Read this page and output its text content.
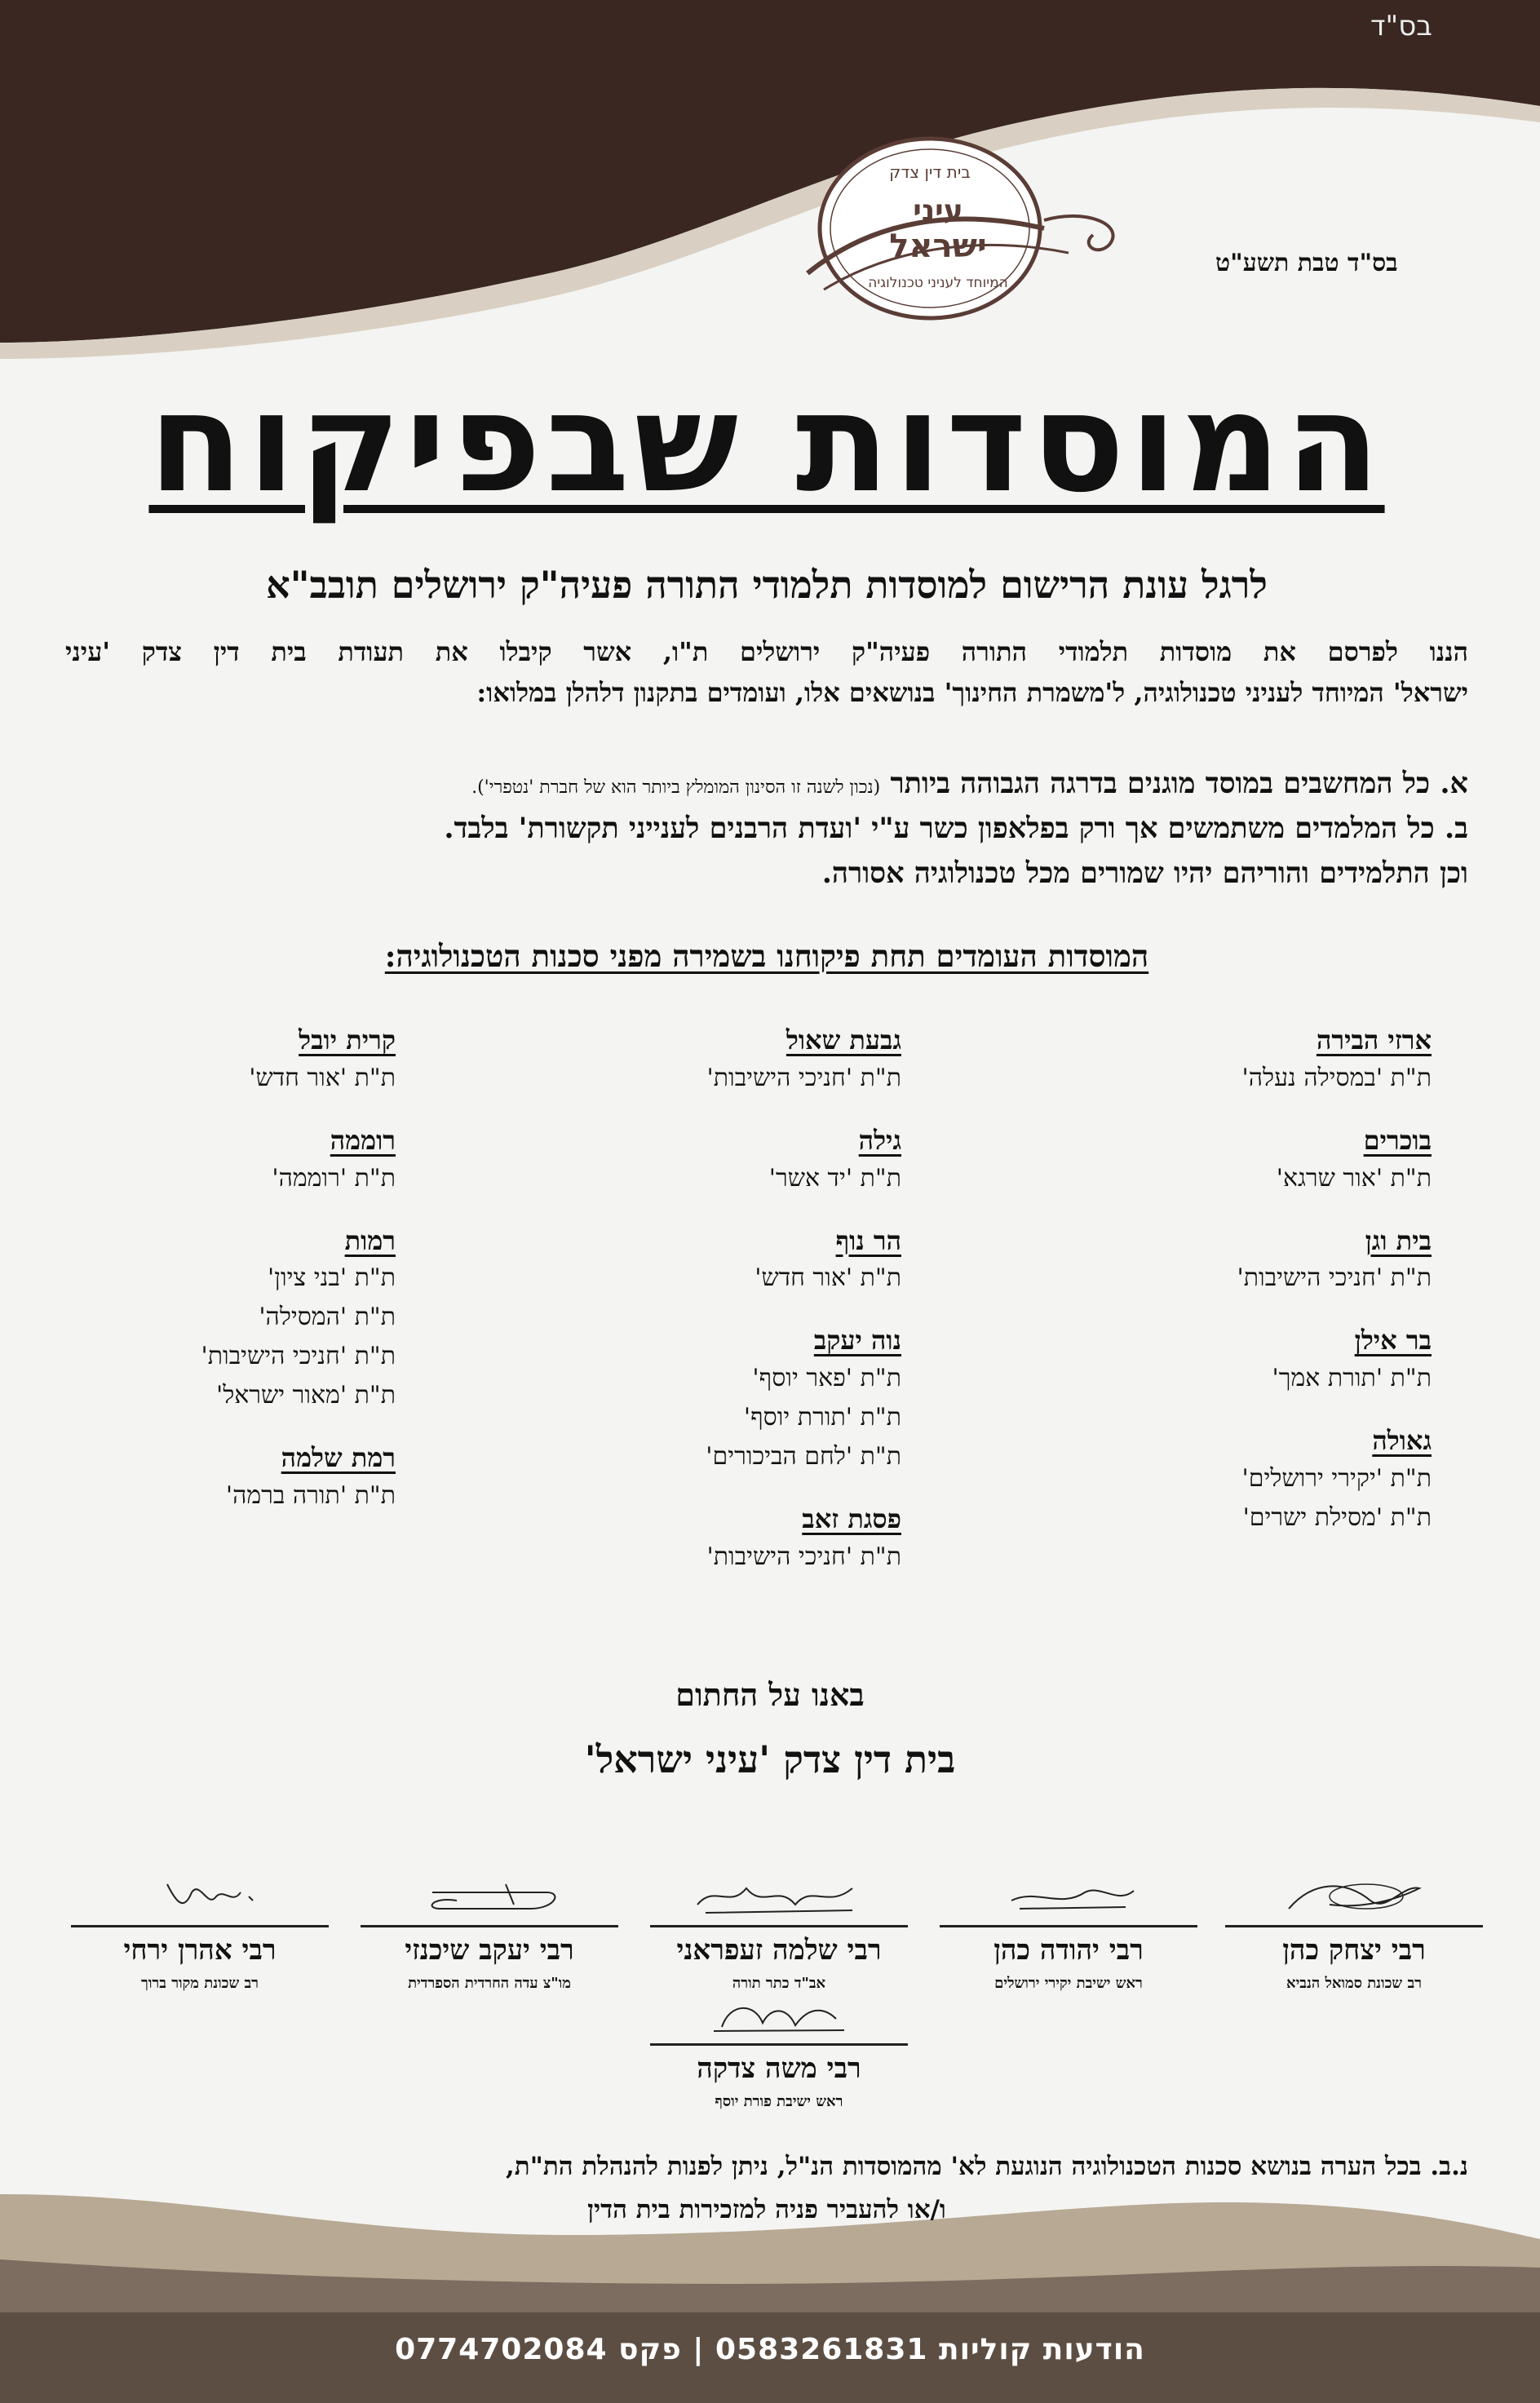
בס"ד
בית דין צדק
עיני
ישראל
המיוחד לעניני טכנולוגיה
בס"ד טבת תשע"ט
המוסדות שבפיקוח
לרגל עונת הרישום למוסדות תלמודי התורה פעיה"ק ירושלים תובב"א
הננו לפרסם את מוסדות תלמודי התורה פעיה"ק ירושלים ת"ו, אשר קיבלו את תעודת בית דין צדק 'עיני
ישראל' המיוחד לעניני טכנולוגיה, ל'משמרת החינוך' בנושאים אלו, ועומדים בתקנון דלהלן במלואו:
א. כל המחשבים במוסד מוגנים בדרגה הגבוהה ביותר (נכון לשנה זו הסינון המומלץ ביותר הוא של חברת 'נטפרי').
ב. כל המלמדים משתמשים אך ורק בפלאפון כשר ע"י 'ועדת הרבנים לענייני תקשורת' בלבד.
וכן התלמידים והוריהם יהיו שמורים מכל טכנולוגיה אסורה.
המוסדות העומדים תחת פיקוחנו בשמירה מפני סכנות הטכנולוגיה:
ארזי הבירה
ת"ת 'במסילה נעלה'
בוכרים
ת"ת 'אור שרגא'
בית וגן
ת"ת 'חניכי הישיבות'
בר אילן
ת"ת 'תורת אמך'
גאולה
ת"ת 'יקירי ירושלים'
ת"ת 'מסילת ישרים'
גבעת שאול
ת"ת 'חניכי הישיבות'
גילה
ת"ת 'יד אשר'
הר נוף
ת"ת 'אור חדש'
נוה יעקב
ת"ת 'פאר יוסף'
ת"ת 'תורת יוסף'
ת"ת 'לחם הביכורים'
פסגת זאב
ת"ת 'חניכי הישיבות'
קרית יובל
ת"ת 'אור חדש'
רוממה
ת"ת 'רוממה'
רמות
ת"ת 'בני ציון'
ת"ת 'המסילה'
ת"ת 'חניכי הישיבות'
ת"ת 'מאור ישראל'
רמת שלמה
ת"ת 'תורה ברמה'
באנו על החתום
בית דין צדק 'עיני ישראל'
רבי יצחק כהן
רב שכונת סמואל הנביא
רבי יהודה כהן
ראש ישיבת יקירי ירושלים
רבי שלמה זעפראני
אב"ד כתר תורה
רבי יעקב שיכנזי
מו"צ עדה החרדית הספרדית
רבי אהרן ירחי
רב שכונת מקור ברוך
רבי משה צדקה
ראש ישיבת פורת יוסף
נ.ב. בכל הערה בנושא סכנות הטכנולוגיה הנוגעת לא' מהמוסדות הנ"ל, ניתן לפנות להנהלת הת"ת,
ו/או להעביר פניה למזכירות בית הדין
הודעות קוליות 0583261831 | פקס 0774702084
